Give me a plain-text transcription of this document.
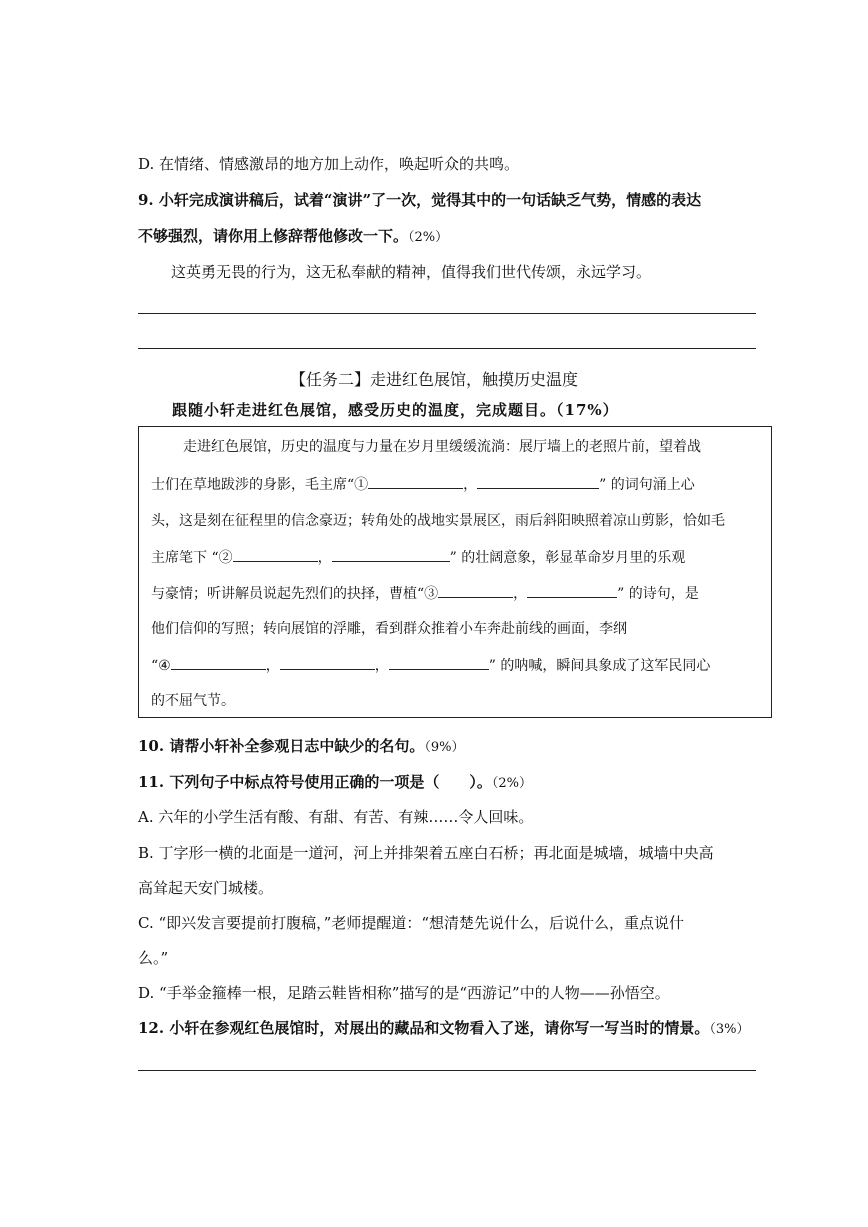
D. 在情绪、情感激昂的地方加上动作，唤起听众的共鸣。
9. 小轩完成演讲稿后，试着“演讲”了一次，觉得其中的一句话缺乏气势，情感的表达
不够强烈，请你用上修辞帮他修改一下。（2%）
这英勇无畏的行为，这无私奉献的精神，值得我们世代传颂，永远学习。
【任务二】走进红色展馆，触摸历史温度
跟随小轩走进红色展馆，感受历史的温度，完成题目。（17%）
走进红色展馆，历史的温度与力量在岁月里缓缓流淌：展厅墙上的老照片前，望着战
士们在草地跋涉的身影，毛主席“①	，	” 的词句涌上心
头，这是刻在征程里的信念豪迈；转角处的战地实景展区，雨后斜阳映照着凉山剪影，恰如毛
主席笔下 “②	，	” 的壮阔意象，彰显革命岁月里的乐观
与豪情；听讲解员说起先烈们的抉择，曹植“③	，	” 的诗句，是
他们信仰的写照；转向展馆的浮雕，看到群众推着小车奔赴前线的画面，李纲
“④	，	，	” 的呐喊，瞬间具象成了这军民同心
的不屈气节。
10. 请帮小轩补全参观日志中缺少的名句。（9%）
11. 下列句子中标点符号使用正确的一项是（　　）。（2%）
A. 六年的小学生活有酸、有甜、有苦、有辣……令人回味。
B. 丁字形一横的北面是一道河，河上并排架着五座白石桥；再北面是城墙，城墙中央高
高耸起天安门城楼。
C. “即兴发言要提前打腹稿，”老师提醒道：“想清楚先说什么，后说什么，重点说什
么。”
D. “手举金箍棒一根，足踏云鞋皆相称”描写的是“西游记”中的人物——孙悟空。
12. 小轩在参观红色展馆时，对展出的藏品和文物看入了迷，请你写一写当时的情景。（3%）
